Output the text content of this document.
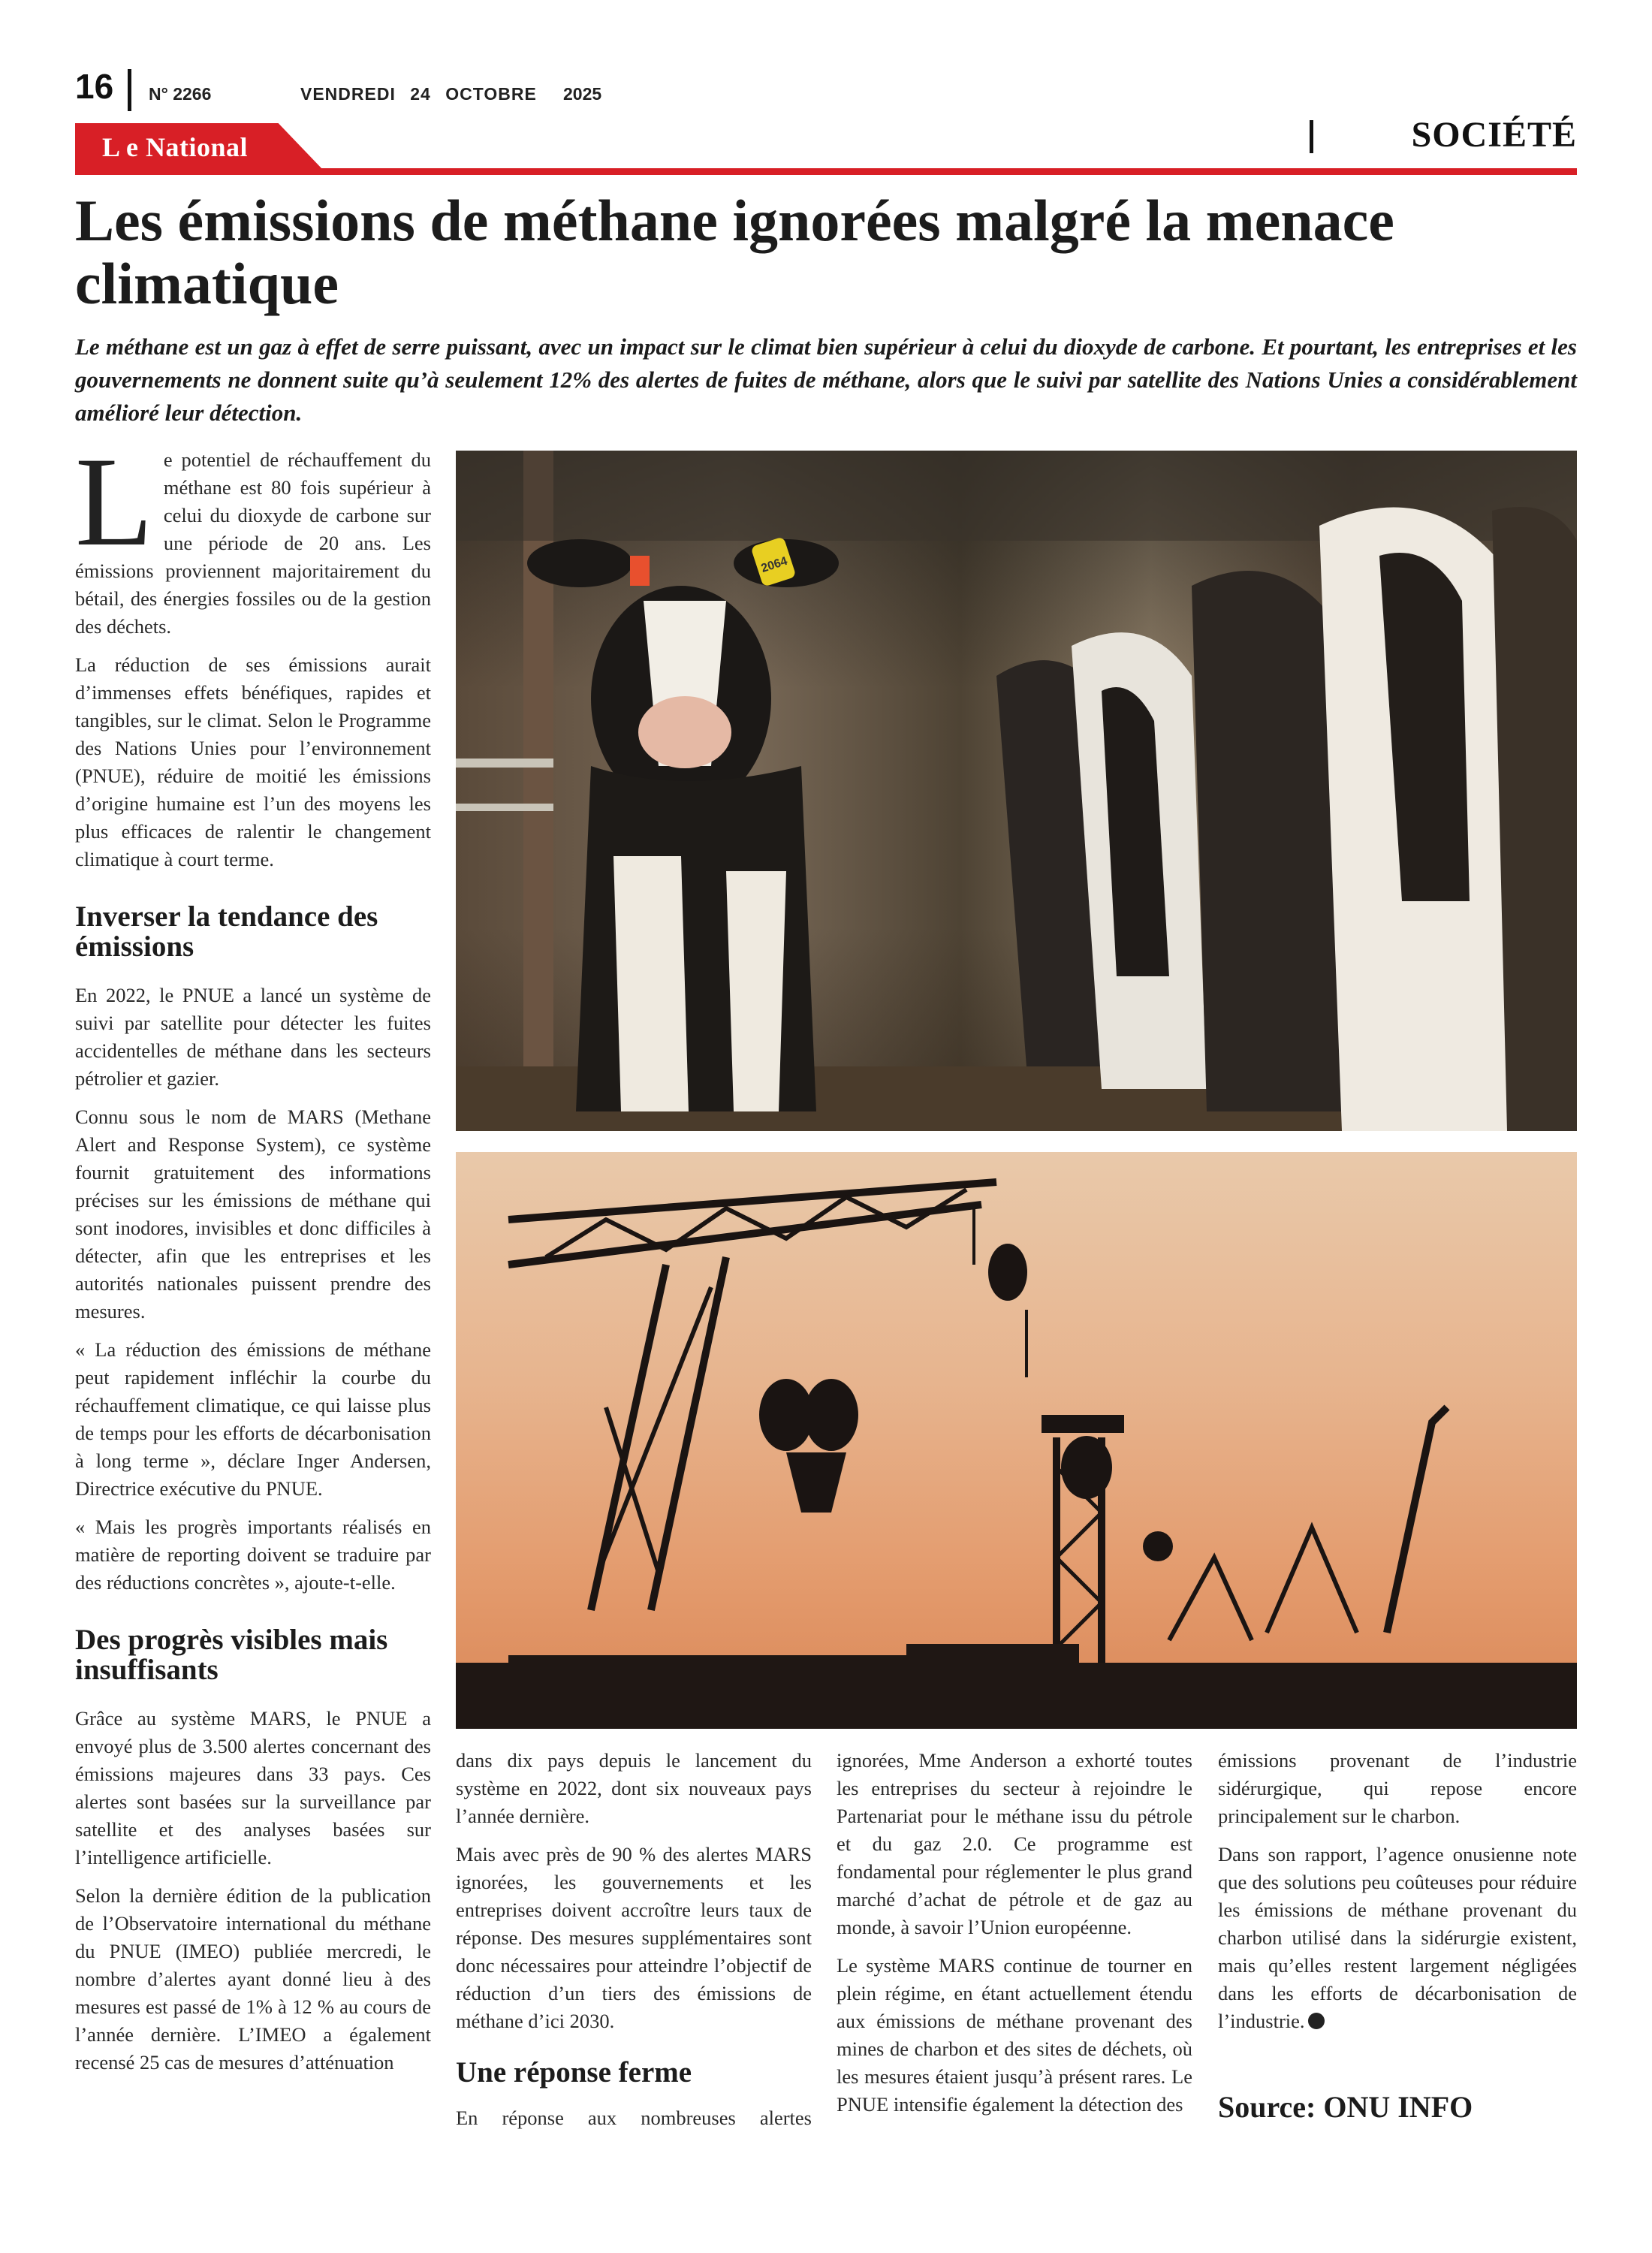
16 N° 2266	VENDREDI 24 OCTOBRE 2025
L e National	SOCIÉTÉ
Les émissions de méthane ignorées malgré la menace climatique
Le méthane est un gaz à effet de serre puissant, avec un impact sur le climat bien supérieur à celui du dioxyde de carbone. Et pourtant, les entreprises et les gouvernements ne donnent suite qu’à seulement 12% des alertes de fuites de méthane, alors que le suivi par satellite des Nations Unies a considérablement amélioré leur détection.

Le potentiel de réchauffement du méthane est 80 fois supérieur à celui du dioxyde de carbone sur une période de 20 ans. Les émissions proviennent majoritairement du bétail, des énergies fossiles ou de la gestion des déchets.

La réduction de ses émissions aurait d’immenses effets bénéfiques, rapides et tangibles, sur le climat. Selon le Programme des Nations Unies pour l’environnement (PNUE), réduire de moitié les émissions d’origine humaine est l’un des moyens les plus efficaces de ralentir le changement climatique à court terme.

Inverser la tendance des émissions

En 2022, le PNUE a lancé un système de suivi par satellite pour détecter les fuites accidentelles de méthane dans les secteurs pétrolier et gazier.

Connu sous le nom de MARS (Methane Alert and Response System), ce système fournit gratuitement des informations précises sur les émissions de méthane qui sont inodores, invisibles et donc difficiles à détecter, afin que les entreprises et les autorités nationales puissent prendre des mesures.

« La réduction des émissions de méthane peut rapidement infléchir la courbe du réchauffement climatique, ce qui laisse plus de temps pour les efforts de décarbonisation à long terme », déclare Inger Andersen, Directrice exécutive du PNUE.

« Mais les progrès importants réalisés en matière de reporting doivent se traduire par des réductions concrètes », ajoute-t-elle.

Des progrès visibles mais insuffisants

Grâce au système MARS, le PNUE a envoyé plus de 3.500 alertes concernant des émissions majeures dans 33 pays. Ces alertes sont basées sur la surveillance par satellite et des analyses basées sur l’intelligence artificielle.

Selon la dernière édition de la publication de l’Observatoire international du méthane du PNUE (IMEO) publiée mercredi, le nombre d’alertes ayant donné lieu à des mesures est passé de 1% à 12 % au cours de l’année dernière. L’IMEO a également recensé 25 cas de mesures d’atténuation

dans dix pays depuis le lancement du système en 2022, dont six nouveaux pays l’année dernière.

Mais avec près de 90 % des alertes MARS ignorées, les gouvernements et les entreprises doivent accroître leurs taux de réponse. Des mesures supplémentaires sont donc nécessaires pour atteindre l’objectif de réduction d’un tiers des émissions de méthane d’ici 2030.

Une réponse ferme

En réponse aux nombreuses alertes

ignorées, Mme Anderson a exhorté toutes les entreprises du secteur à rejoindre le Partenariat pour le méthane issu du pétrole et du gaz 2.0. Ce programme est fondamental pour réglementer le plus grand marché d’achat de pétrole et de gaz au monde, à savoir l’Union européenne.

Le système MARS continue de tourner en plein régime, en étant actuellement étendu aux émissions de méthane provenant des mines de charbon et des sites de déchets, où les mesures étaient jusqu’à présent rares. Le PNUE intensifie également la détection des

émissions provenant de l’industrie sidérurgique, qui repose encore principalement sur le charbon.

Dans son rapport, l’agence onusienne note que des solutions peu coûteuses pour réduire les émissions de méthane provenant du charbon utilisé dans la sidérurgie existent, mais qu’elles restent largement négligées dans les efforts de décarbonisation de l’industrie.

Source: ONU INFO
2064
